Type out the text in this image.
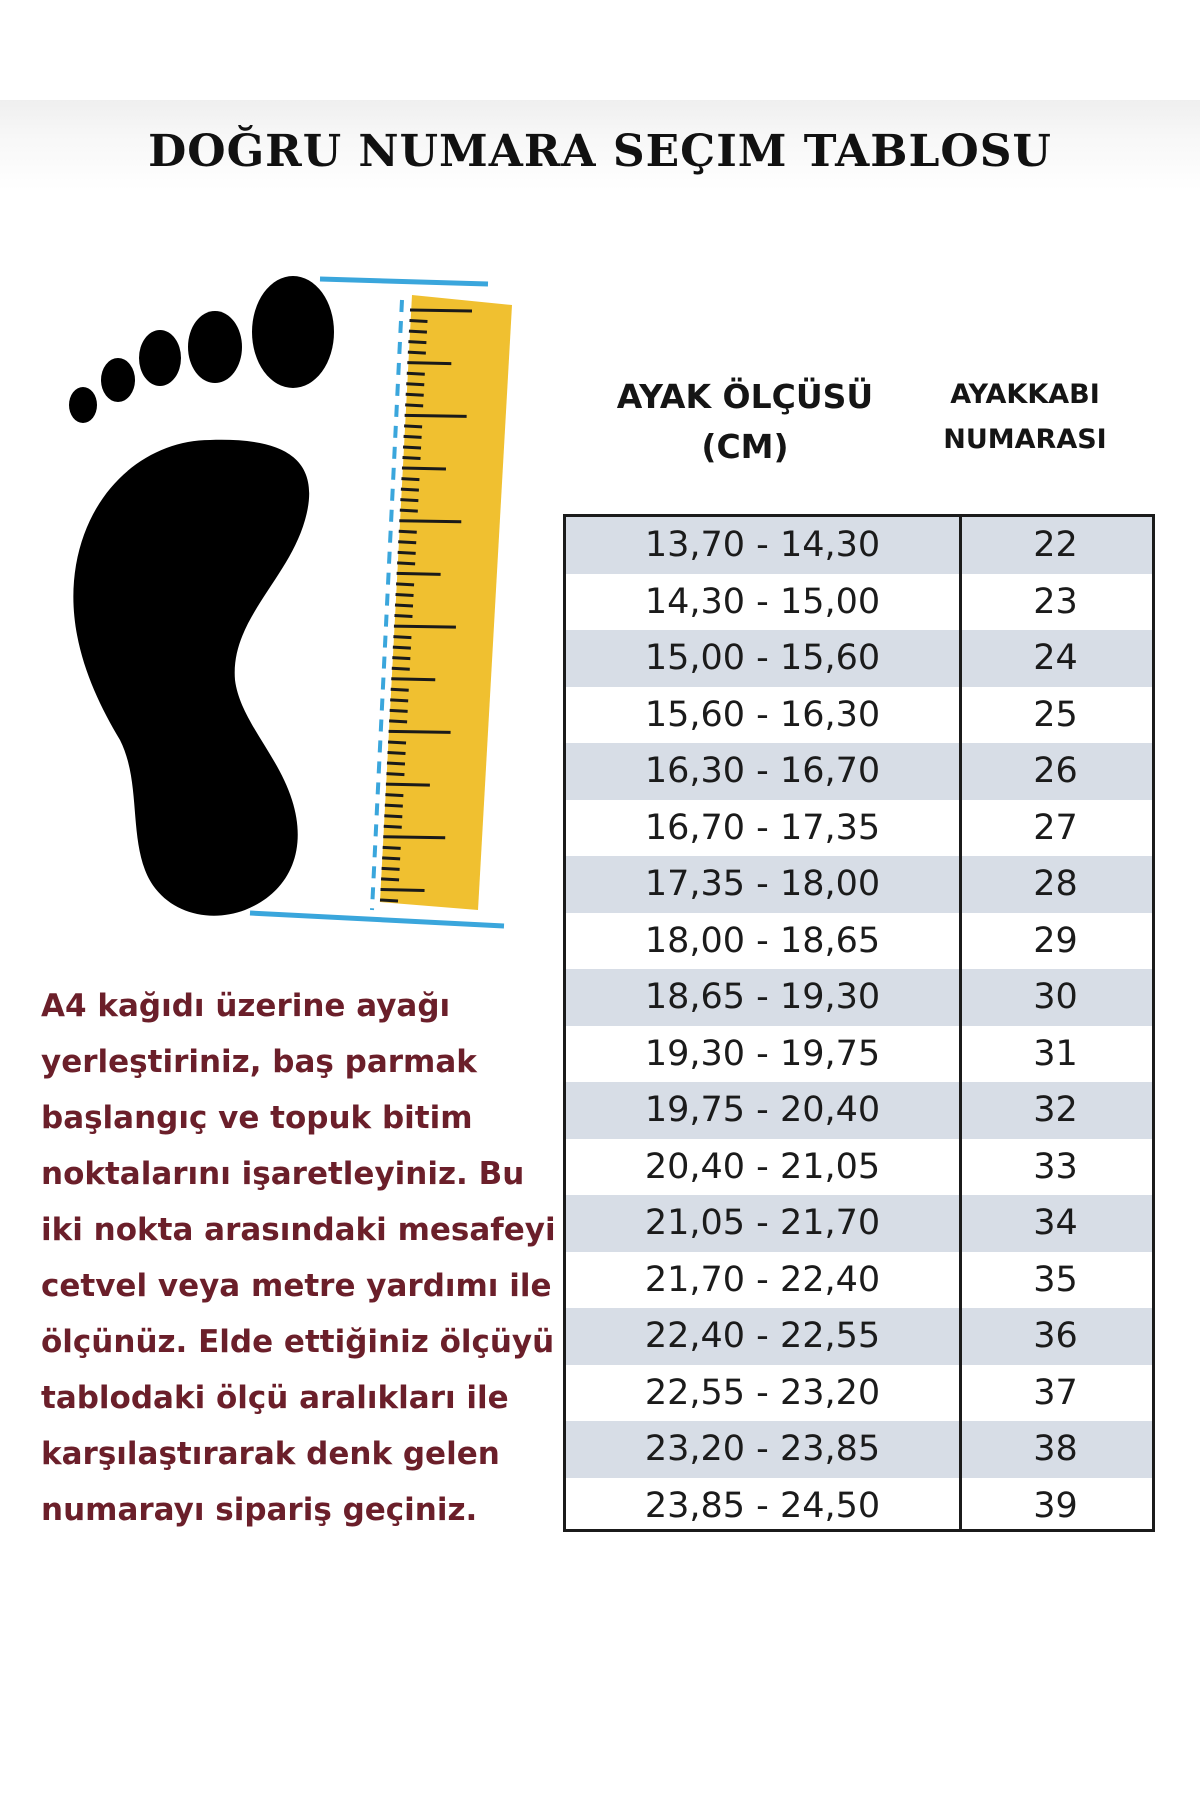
DOĞRU NUMARA SEÇIM TABLOSU
A4 kağıdı üzerine ayağı
yerleştiriniz, baş parmak
başlangıç ve topuk bitim
noktalarını işaretleyiniz. Bu
iki nokta arasındaki mesafeyi
cetvel veya metre yardımı ile
ölçünüz. Elde ettiğiniz ölçüyü
tablodaki ölçü aralıkları ile
karşılaştırarak denk gelen
numarayı sipariş geçiniz.
AYAK ÖLÇÜSÜ
(CM)
AYAKKABI
NUMARASI
13,70 - 14,30	22
14,30 - 15,00	23
15,00 - 15,60	24
15,60 - 16,30	25
16,30 - 16,70	26
16,70 - 17,35	27
17,35 - 18,00	28
18,00 - 18,65	29
18,65 - 19,30	30
19,30 - 19,75	31
19,75 - 20,40	32
20,40 - 21,05	33
21,05 - 21,70	34
21,70 - 22,40	35
22,40 - 22,55	36
22,55 - 23,20	37
23,20 - 23,85	38
23,85 - 24,50	39
